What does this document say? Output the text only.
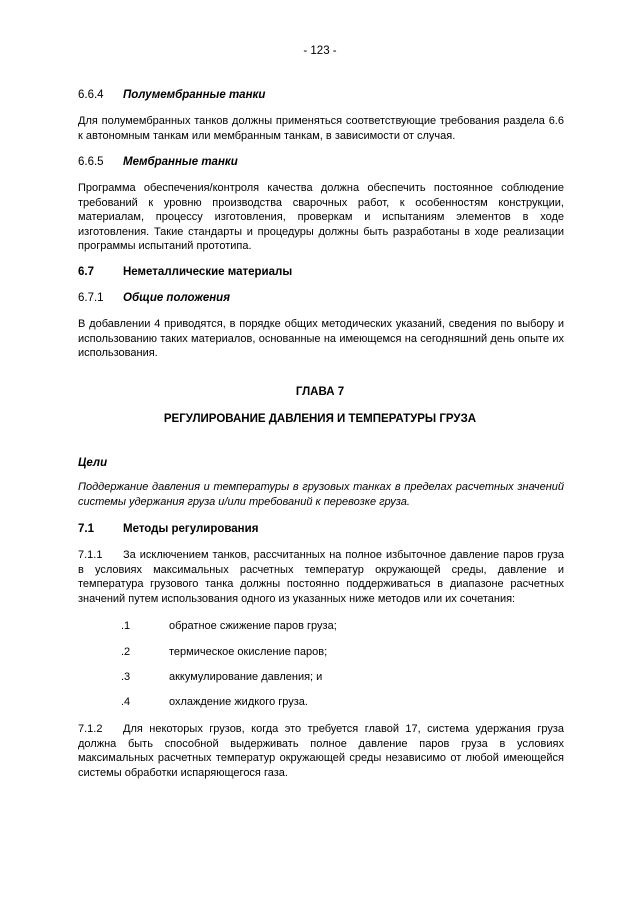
- 123 -
6.6.4 Полумембранные танки
Для полумембранных танков должны применяться соответствующие требования раздела 6.6 к автономным танкам или мембранным танкам, в зависимости от случая.
6.6.5 Мембранные танки
Программа обеспечения/контроля качества должна обеспечить постоянное соблюдение требований к уровню производства сварочных работ, к особенностям конструкции, материалам, процессу изготовления, проверкам и испытаниям элементов в ходе изготовления. Такие стандарты и процедуры должны быть разработаны в ходе реализации программы испытаний прототипа.
6.7	Неметаллические материалы
6.7.1 Общие положения
В добавлении 4 приводятся, в порядке общих методических указаний, сведения по выбору и использованию таких материалов, основанные на имеющемся на сегодняшний день опыте их использования.
ГЛАВА 7
РЕГУЛИРОВАНИЕ ДАВЛЕНИЯ И ТЕМПЕРАТУРЫ ГРУЗА
Цели
Поддержание давления и температуры в грузовых танках в пределах расчетных значений системы удержания груза и/или требований к перевозке груза.
7.1	Методы регулирования
7.1.1 За исключением танков, рассчитанных на полное избыточное давление паров груза в условиях максимальных расчетных температур окружающей среды, давление и температура грузового танка должны постоянно поддерживаться в диапазоне расчетных значений путем использования одного из указанных ниже методов или их сочетания:
.1	обратное сжижение паров груза;
.2	термическое окисление паров;
.3	аккумулирование давления; и
.4	охлаждение жидкого груза.
7.1.2 Для некоторых грузов, когда это требуется главой 17, система удержания груза должна быть способной выдерживать полное давление паров груза в условиях максимальных расчетных температур окружающей среды независимо от любой имеющейся системы обработки испаряющегося газа.
